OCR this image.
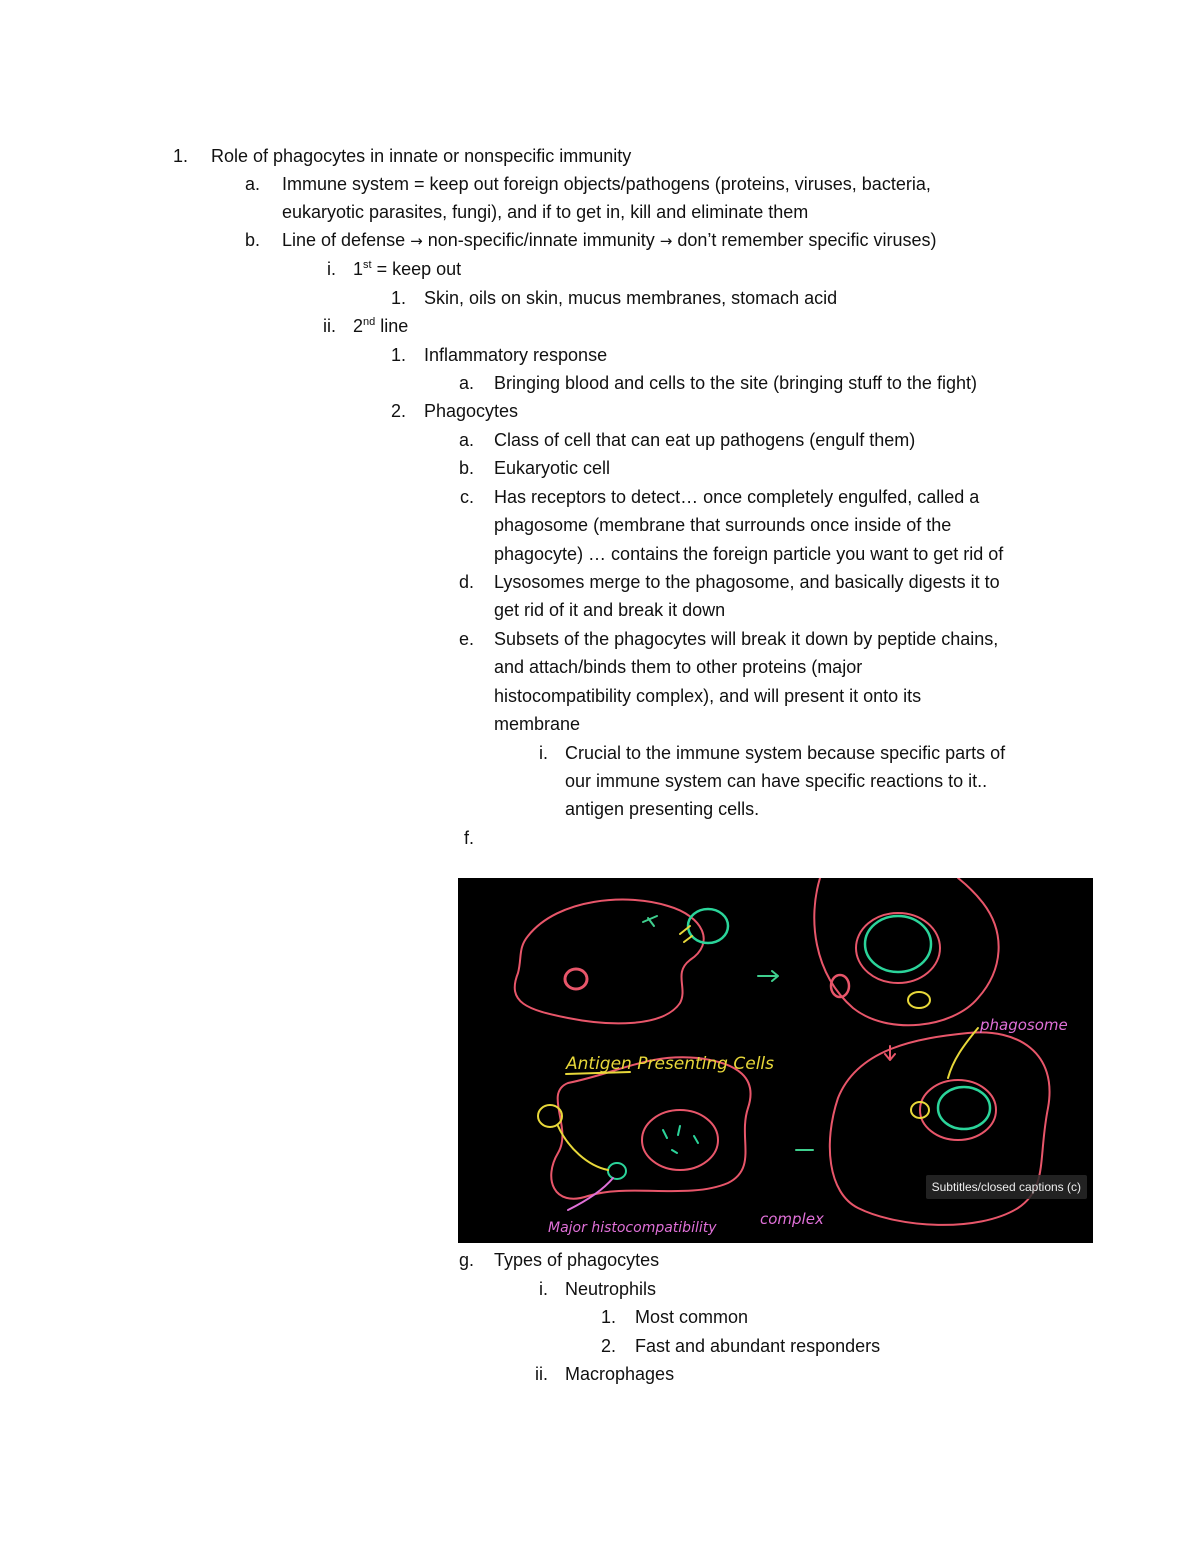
1. Role of phagocytes in innate or nonspecific immunity
a. Immune system = keep out foreign objects/pathogens (proteins, viruses, bacteria,
eukaryotic parasites, fungi), and if to get in, kill and eliminate them
b. Line of defense → non-specific/innate immunity → don’t remember specific viruses)
i. 1st = keep out
1. Skin, oils on skin, mucus membranes, stomach acid
ii. 2nd line
1. Inflammatory response
a. Bringing blood and cells to the site (bringing stuff to the fight)
2. Phagocytes
a. Class of cell that can eat up pathogens (engulf them)
b. Eukaryotic cell
c. Has receptors to detect… once completely engulfed, called a
phagosome (membrane that surrounds once inside of the
phagocyte) … contains the foreign particle you want to get rid of
d. Lysosomes merge to the phagosome, and basically digests it to
get rid of it and break it down
e. Subsets of the phagocytes will break it down by peptide chains,
and attach/binds them to other proteins (major
histocompatibility complex), and will present it onto its
membrane
i. Crucial to the immune system because specific parts of
our immune system can have specific reactions to it..
antigen presenting cells.
f.
Antigen Presenting Cells
phagosome
Major histocompatibility	complex
Subtitles/closed captions (c)
g. Types of phagocytes
i. Neutrophils
1. Most common
2. Fast and abundant responders
ii. Macrophages
